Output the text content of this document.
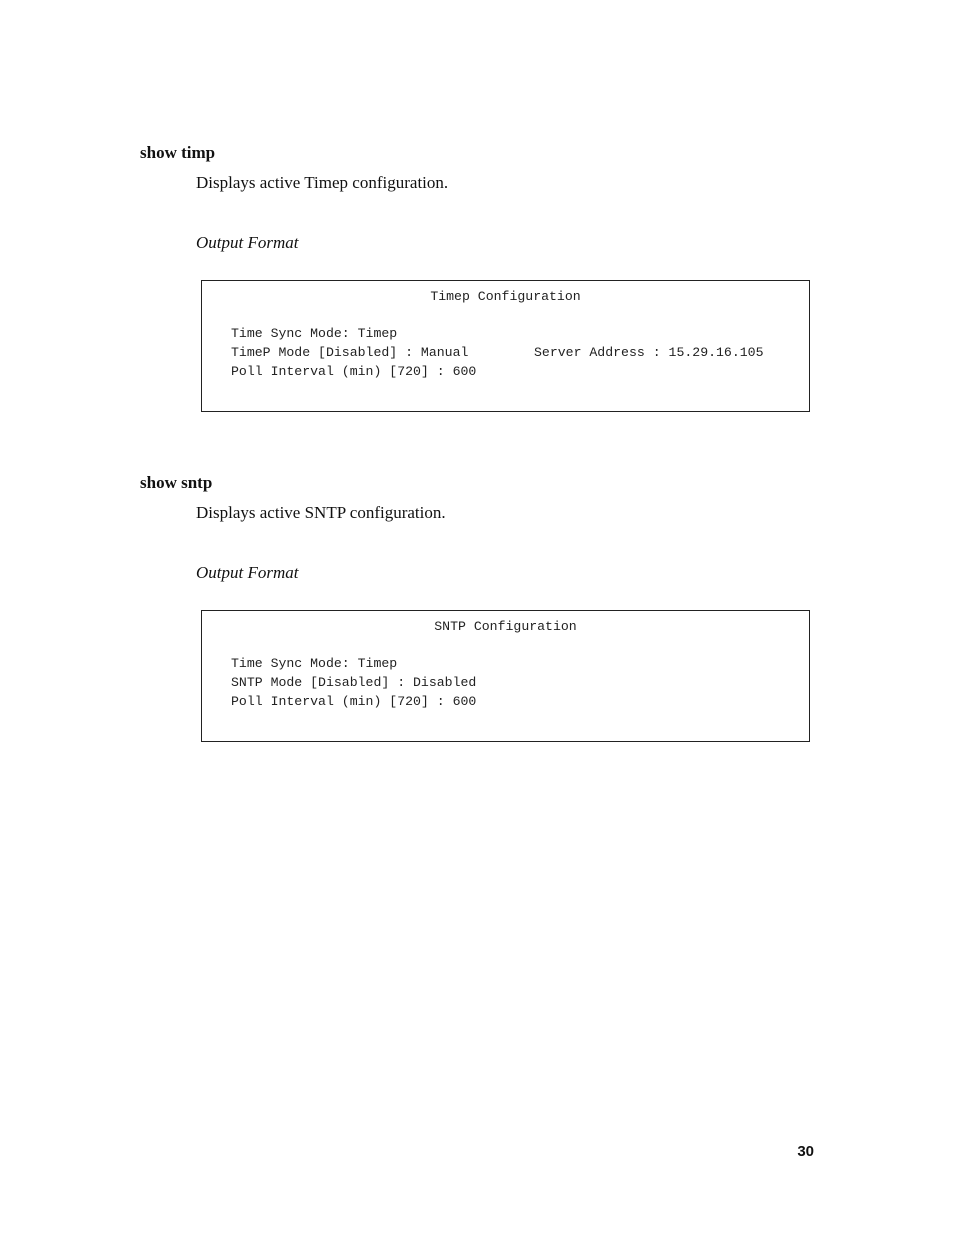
show timp

Displays active Timep configuration.

Output Format

Timep Configuration
Time Sync Mode: Timep
TimeP Mode [Disabled] : Manual	Server Address : 15.29.16.105
Poll Interval (min) [720] : 600
show sntp

Displays active SNTP configuration.

Output Format

SNTP Configuration
Time Sync Mode: Timep
SNTP Mode [Disabled] : Disabled
Poll Interval (min) [720] : 600
30
